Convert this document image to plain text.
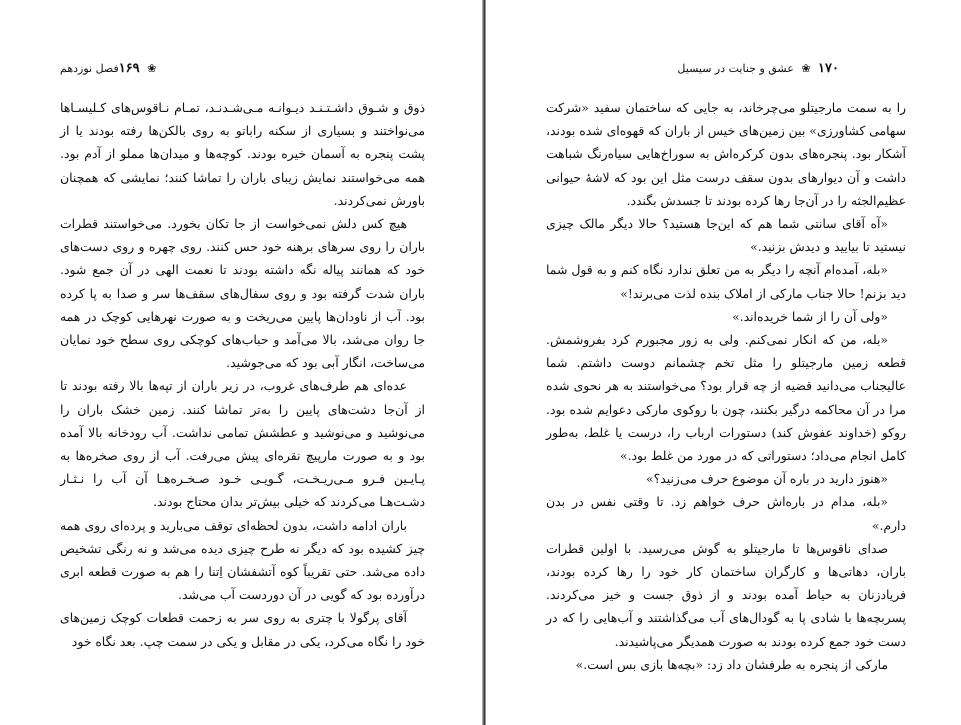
۱۶۹ ❀
فصل نوزدهم

ذوق و شـوق داشـتـنـد دیـوانـه مـی‌شـدنـد، تمـام نـاقوس‌های کـلیسـاها می‌نواختند و بسیاری از سکنه راباتو به روی بالکن‌ها رفته بودند یا از پشت پنجره به آسمان خیره بودند. کوچه‌ها و میدان‌ها مملو از آدم بود. همه می‌خواستند نمایش زیبای باران را تماشا کنند؛ نمایشی که همچنان باورش نمی‌کردند.

هیچ کس دلش نمی‌خواست از جا تکان بخورد. می‌خواستند قطرات باران را روی سرهای برهنه خود حس کنند. روی چهره و روی دست‌های خود که همانند پیاله نگه داشته بودند تا نعمت الهی در آن جمع شود. باران شدت گرفته بود و روی سفال‌های سقف‌ها سر و صدا به پا کرده بود. آب از ناودان‌ها پایین می‌ریخت و به صورت نهرهایی کوچک در همه جا روان می‌شد، بالا می‌آمد و حباب‌های کوچکی روی سطح خود نمایان می‌ساخت، انگار آبی بود که می‌جوشید.

عده‌ای هم طرف‌های غروب، در زیر باران از تپه‌ها بالا رفته بودند تا از آن‌جا دشت‌های پایین را به‌تر تماشا کنند. زمین خشک باران را می‌نوشید و می‌نوشید و عطشش تمامی نداشت. آب رودخانه بالا آمده بود و به صورت مارپیچ نقره‌ای پیش می‌رفت. آب از روی صخره‌ها به پـایـین فـرو مـی‌ریـخـت، گـویـی خـود صـخـره‌هـا آن آب را نـثـار دشـت‌هـا می‌کردند که خیلی بیش‌تر بدان محتاج بودند.

باران ادامه داشت، بدون لحظه‌ای توقف می‌بارید و پرده‌ای روی همه چیز کشیده بود که دیگر نه طرح چیزی دیده می‌شد و نه رنگی تشخیص داده می‌شد. حتی تقریباً کوه آتشفشان اِتنا را هم به صورت قطعه ابری درآورده بود که گویی در آن دوردست آب می‌شد.

آقای پرگولا با چتری به روی سر به زحمت قطعات کوچک زمین‌های خود را نگاه می‌کرد، یکی در مقابل و یکی در سمت چپ. بعد نگاه خود

۱۷۰ ❀ عشق و جنایت در سیسیل

را به سمت مارجیتلو می‌چرخاند، به جایی که ساختمان سفید «شرکت سهامی کشاورزی» بین زمین‌های خیس از باران که قهوه‌ای شده بودند، آشکار بود. پنجره‌های بدون کرکره‌اش به سوراخ‌هایی سیاه‌رنگ شباهت داشت و آن دیوارهای بدون سقف درست مثل این بود که لاشهٔ حیوانی عظیم‌الجثه را در آن‌جا رها کرده بودند تا جسدش بگندد.

«آه آقای سانتی شما هم که این‌جا هستید؟ حالا دیگر مالک چیزی نیستید تا بیایید و دیدش بزنید.»

«بله، آمده‌ام آنچه را دیگر به من تعلق ندارد نگاه کنم و به قول شما دید بزنم! حالا جناب مارکی از املاک بنده لذت می‌برند!»

«ولی آن را از شما خریده‌اند.»

«بله، من که انکار نمی‌کنم. ولی به زور مجبورم کرد بفروشمش. قطعه زمین مارجیتلو را مثل تخم چشمانم دوست داشتم. شما عالیجناب می‌دانید قضیه از چه قرار بود؟ می‌خواستند به هر نحوی شده مرا در آن محاکمه درگیر بکنند، چون با روکوی مارکی دعوایم شده بود. روکو (خداوند عفوش کند) دستورات ارباب را، درست یا غلط، به‌طور کامل انجام می‌داد؛ دستوراتی که در مورد من غلط بود.»

«هنوز دارید در باره آن موضوع حرف می‌زنید؟»

«بله، مدام در باره‌اش حرف خواهم زد. تا وقتی نفس در بدن دارم.»

صدای ناقوس‌ها تا مارجیتلو به گوش می‌رسید. با اولین قطرات باران، دهاتی‌ها و کارگران ساختمان کار خود را رها کرده بودند، فریادزنان به حیاط آمده بودند و از ذوق جست و خیز می‌کردند. پسربچه‌ها با شادی پا به گودال‌های آب می‌گذاشتند و آب‌هایی را که در دست خود جمع کرده بودند به صورت همدیگر می‌پاشیدند.

مارکی از پنجره به طرفشان داد زد: «بچه‌ها بازی بس است.»
